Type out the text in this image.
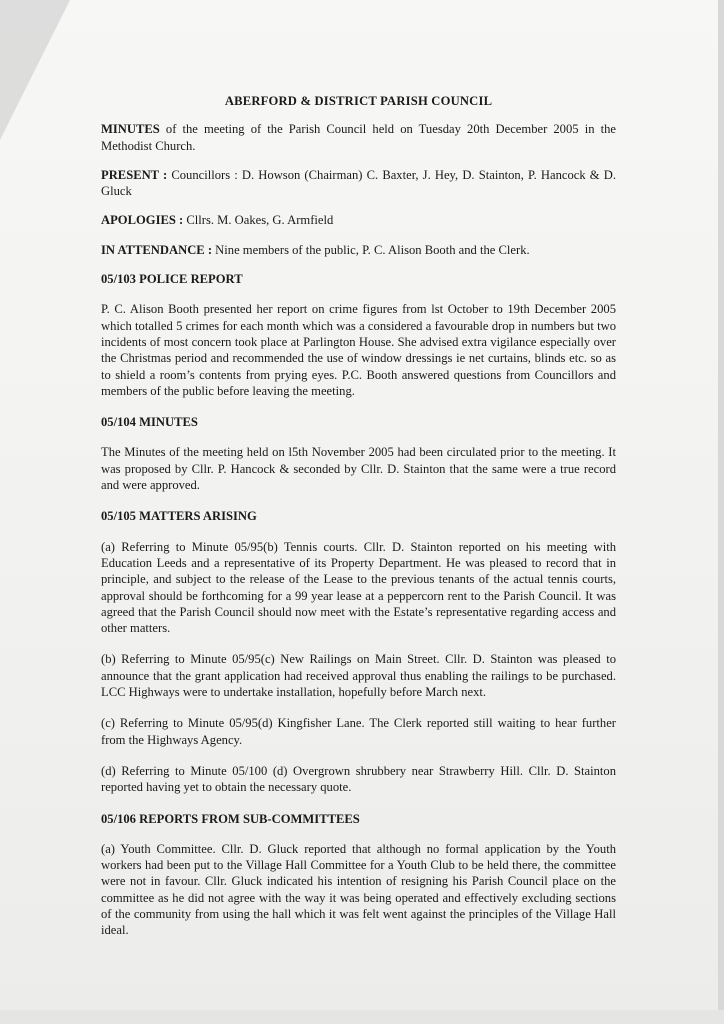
ABERFORD & DISTRICT PARISH COUNCIL

MINUTES of the meeting of the Parish Council held on Tuesday 20th December 2005 in the Methodist Church.

PRESENT : Councillors : D. Howson (Chairman) C. Baxter, J. Hey, D. Stainton, P. Hancock & D. Gluck

APOLOGIES : Cllrs. M. Oakes, G. Armfield

IN ATTENDANCE : Nine members of the public, P. C. Alison Booth and the Clerk.

05/103 POLICE REPORT

P. C. Alison Booth presented her report on crime figures from lst October to 19th December 2005 which totalled 5 crimes for each month which was a considered a favourable drop in numbers but two incidents of most concern took place at Parlington House. She advised extra vigilance especially over the Christmas period and recommended the use of window dressings ie net curtains, blinds etc. so as to shield a room’s contents from prying eyes. P.C. Booth answered questions from Councillors and members of the public before leaving the meeting.

05/104 MINUTES

The Minutes of the meeting held on l5th November 2005 had been circulated prior to the meeting. It was proposed by Cllr. P. Hancock & seconded by Cllr. D. Stainton that the same were a true record and were approved.

05/105 MATTERS ARISING

(a) Referring to Minute 05/95(b) Tennis courts. Cllr. D. Stainton reported on his meeting with Education Leeds and a representative of its Property Department. He was pleased to record that in principle, and subject to the release of the Lease to the previous tenants of the actual tennis courts, approval should be forthcoming for a 99 year lease at a peppercorn rent to the Parish Council. It was agreed that the Parish Council should now meet with the Estate’s representative regarding access and other matters.

(b) Referring to Minute 05/95(c) New Railings on Main Street. Cllr. D. Stainton was pleased to announce that the grant application had received approval thus enabling the railings to be purchased. LCC Highways were to undertake installation, hopefully before March next.

(c) Referring to Minute 05/95(d) Kingfisher Lane. The Clerk reported still waiting to hear further from the Highways Agency.

(d) Referring to Minute 05/100 (d) Overgrown shrubbery near Strawberry Hill. Cllr. D. Stainton reported having yet to obtain the necessary quote.

05/106 REPORTS FROM SUB-COMMITTEES

(a) Youth Committee. Cllr. D. Gluck reported that although no formal application by the Youth workers had been put to the Village Hall Committee for a Youth Club to be held there, the committee were not in favour. Cllr. Gluck indicated his intention of resigning his Parish Council place on the committee as he did not agree with the way it was being operated and effectively excluding sections of the community from using the hall which it was felt went against the principles of the Village Hall ideal.
